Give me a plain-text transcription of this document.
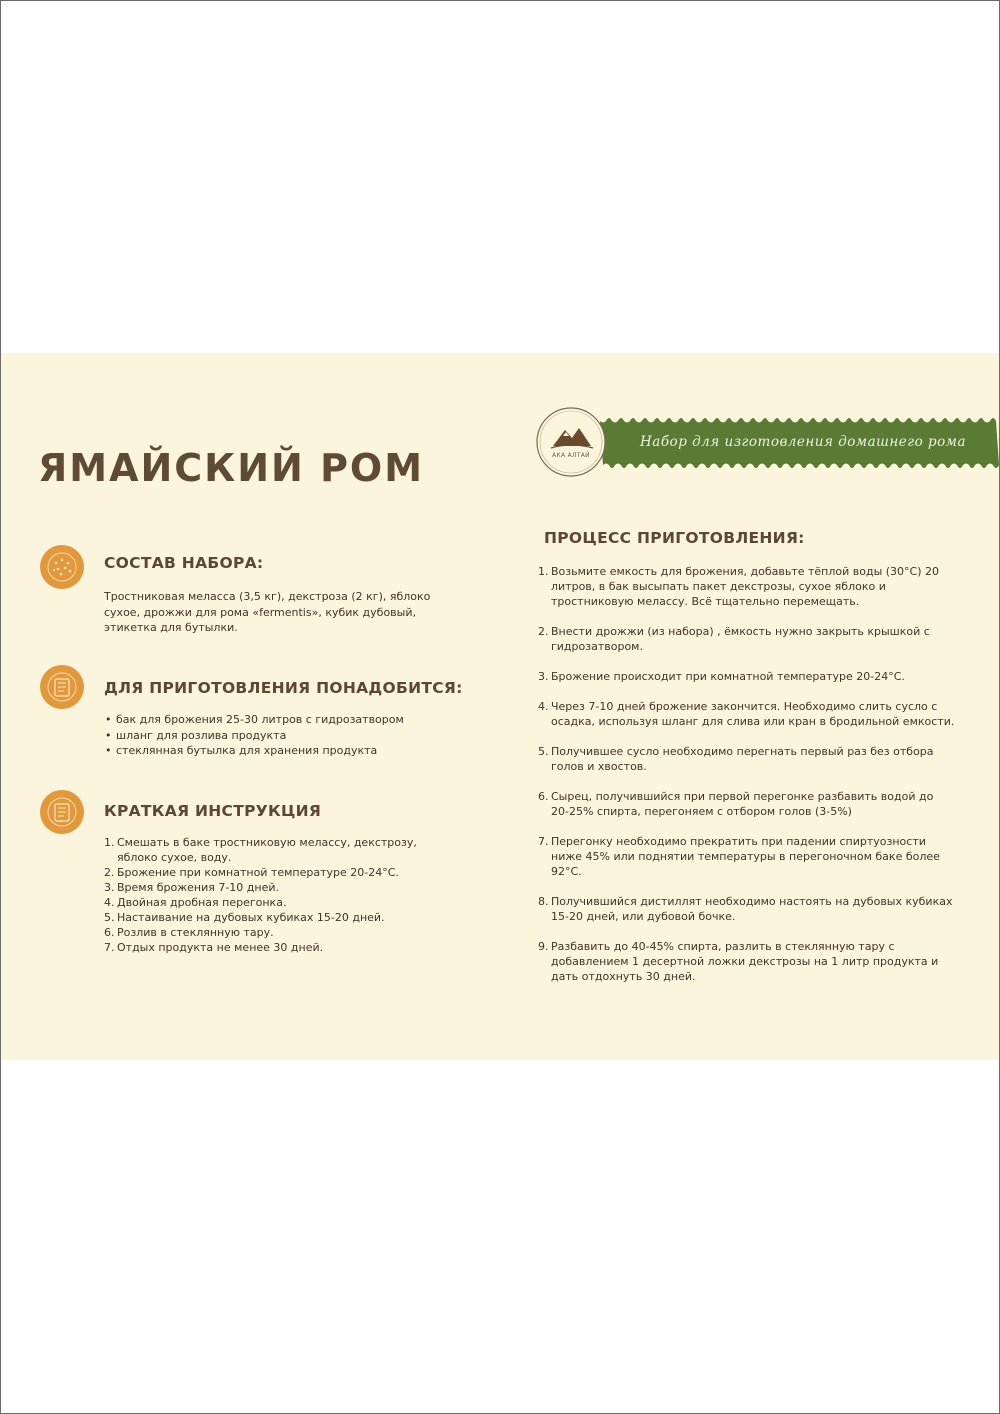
ЯМАЙСКИЙ РОМ
Набор для изготовления домашнего рома
АКА АЛТАЙ
СОСТАВ НАБОРА:
Тростниковая меласса (3,5 кг), декстроза (2 кг), яблоко
сухое, дрожжи для рома «fermentis», кубик дубовый,
этикетка для бутылки.
ДЛЯ ПРИГОТОВЛЕНИЯ ПОНАДОБИТСЯ:
• бак для брожения 25-30 литров с гидрозатвором
• шланг для розлива продукта
• стеклянная бутылка для хранения продукта
КРАТКАЯ ИНСТРУКЦИЯ
1. Смешать в баке тростниковую мелассу, декстрозу,
яблоко сухое, воду.
2. Брожение при комнатной температуре 20-24°C.
3. Время брожения 7-10 дней.
4. Двойная дробная перегонка.
5. Настаивание на дубовых кубиках 15-20 дней.
6. Розлив в стеклянную тару.
7. Отдых продукта не менее 30 дней.
ПРОЦЕСС ПРИГОТОВЛЕНИЯ:
1. Возьмите емкость для брожения, добавьте тёплой воды (30°C) 20
литров, в бак высыпать пакет декстрозы, сухое яблоко и
тростниковую мелассу. Всё тщательно перемещать.
2. Внести дрожжи (из набора) , ёмкость нужно закрыть крышкой с
гидрозатвором.
3. Брожение происходит при комнатной температуре 20-24°C.
4. Через 7-10 дней брожение закончится. Необходимо слить сусло с
осадка, используя шланг для слива или кран в бродильной емкости.
5. Получившее сусло необходимо перегнать первый раз без отбора
голов и хвостов.
6. Сырец, получившийся при первой перегонке разбавить водой до
20-25% спирта, перегоняем с отбором голов (3-5%)
7. Перегонку необходимо прекратить при падении спиртуозности
ниже 45% или поднятии температуры в перегоночном баке более
92°C.
8. Получившийся дистиллят необходимо настоять на дубовых кубиках
15-20 дней, или дубовой бочке.
9. Разбавить до 40-45% спирта, разлить в стеклянную тару с
добавлением 1 десертной ложки декстрозы на 1 литр продукта и
дать отдохнуть 30 дней.
